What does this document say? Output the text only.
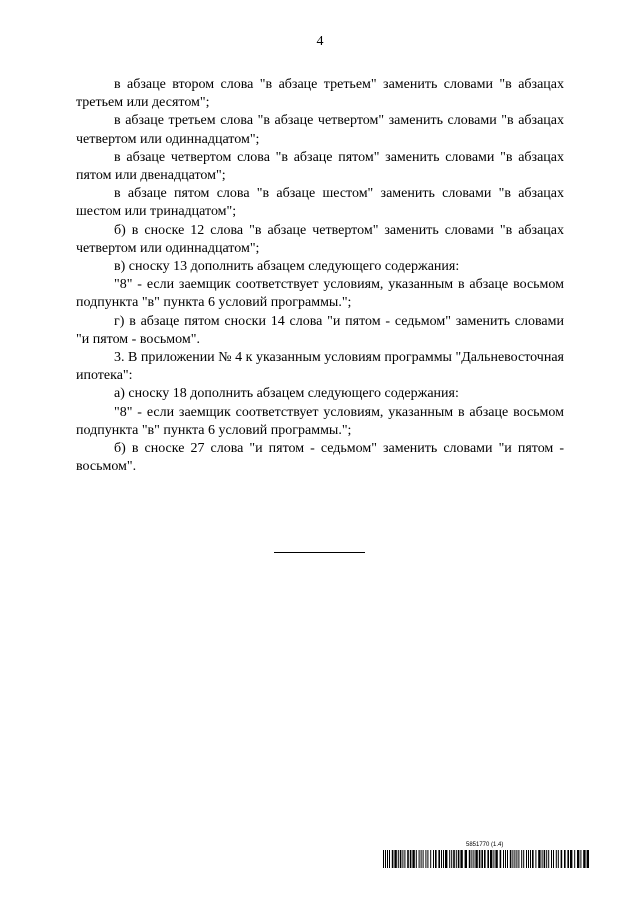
4

в абзаце втором слова "в абзаце третьем" заменить словами "в абзацах третьем или десятом";

в абзаце третьем слова "в абзаце четвертом" заменить словами "в абзацах четвертом или одиннадцатом";

в абзаце четвертом слова "в абзаце пятом" заменить словами "в абзацах пятом или двенадцатом";

в абзаце пятом слова "в абзаце шестом" заменить словами "в абзацах шестом или тринадцатом";

б) в сноске 12 слова "в абзаце четвертом" заменить словами "в абзацах четвертом или одиннадцатом";

в) сноску 13 дополнить абзацем следующего содержания:

"8" - если заемщик соответствует условиям, указанным в абзаце восьмом подпункта "в" пункта 6 условий программы.";

г) в абзаце пятом сноски 14 слова "и пятом - седьмом" заменить словами "и пятом - восьмом".

3. В приложении № 4 к указанным условиям программы "Дальневосточная ипотека":

а) сноску 18 дополнить абзацем следующего содержания:

"8" - если заемщик соответствует условиям, указанным в абзаце восьмом подпункта "в" пункта 6 условий программы.";

б) в сноске 27 слова "и пятом - седьмом" заменить словами "и пятом - восьмом".

5851770 (1.4)
